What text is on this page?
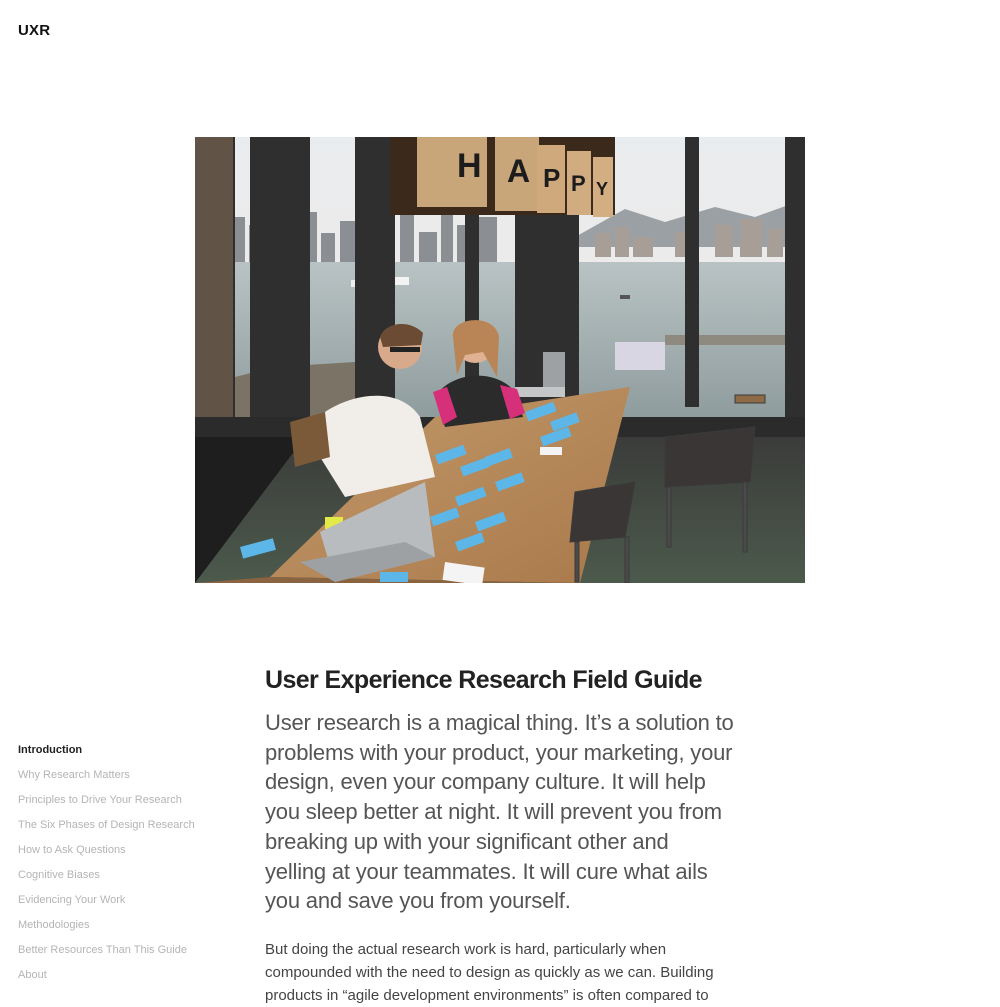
UXR
H A P P Y
Introduction
Why Research Matters
Principles to Drive Your Research
The Six Phases of Design Research
How to Ask Questions
Cognitive Biases
Evidencing Your Work
Methodologies
Better Resources Than This Guide
About
User Experience Research Field Guide

User research is a magical thing. It’s a solution to problems with your product, your marketing, your design, even your company culture. It will help you sleep better at night. It will prevent you from breaking up with your significant other and yelling at your teammates. It will cure what ails you and save you from yourself.

But doing the actual research work is hard, particularly when compounded with the need to design as quickly as we can. Building products in “agile development environments” is often compared to
